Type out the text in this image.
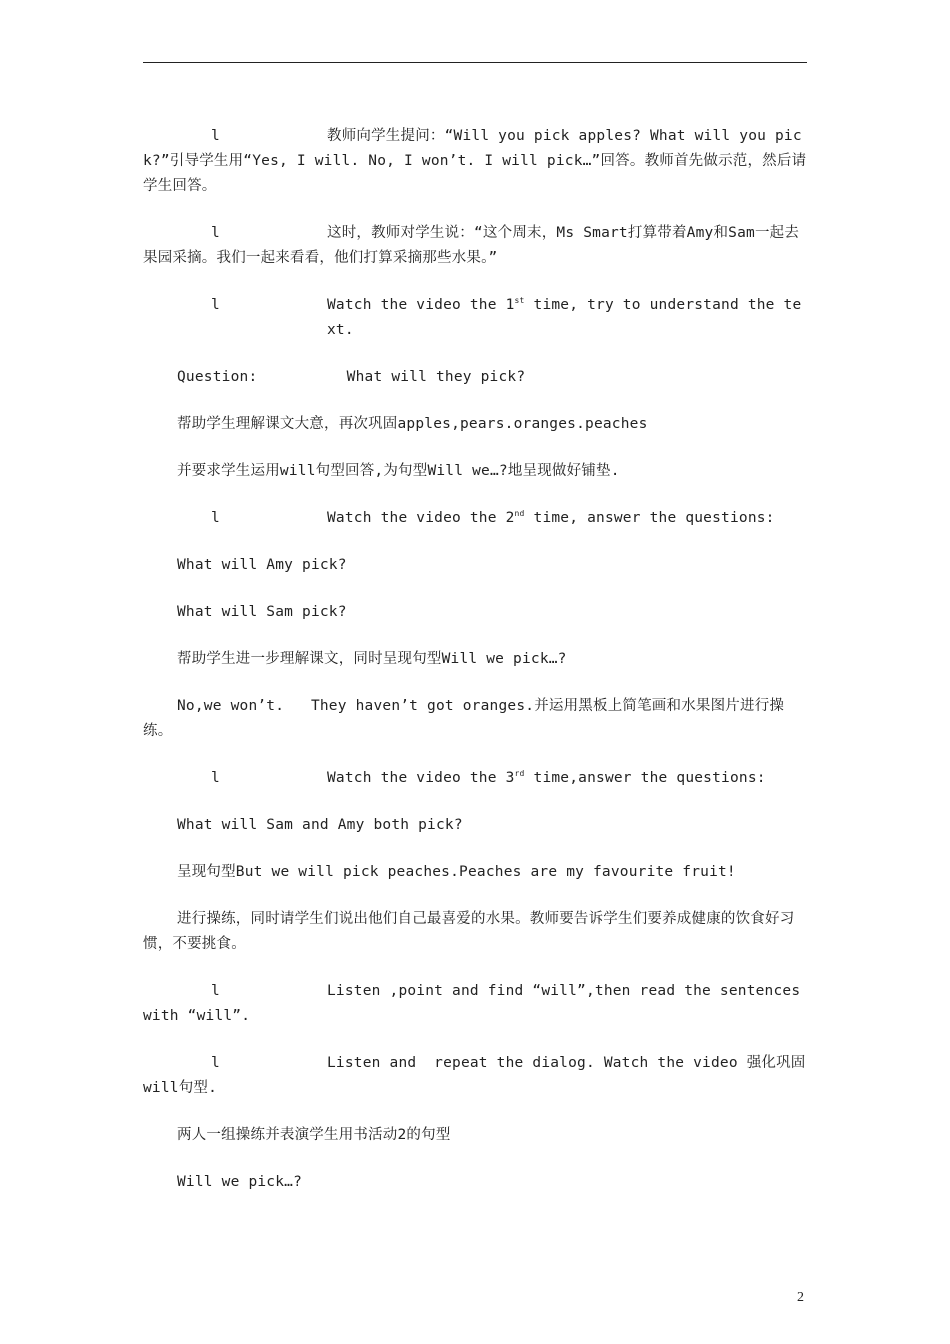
l	教师向学生提问：“Will you pick apples? What will you pick?”引导学生用“Yes, I will. No, I won’t. I will pick…”回答。教师首先做示范，然后请学生回答。

l	这时，教师对学生说：“这个周末，Ms Smart打算带着Amy和Sam一起去果园采摘。我们一起来看看，他们打算采摘那些水果。”

l	Watch the video the 1st time, try to understand the text.

Question:          What will they pick?

帮助学生理解课文大意，再次巩固apples,pears.oranges.peaches

并要求学生运用will句型回答,为句型Will we…?地呈现做好铺垫.

l	Watch the video the 2nd time, answer the questions:

What will Amy pick?

What will Sam pick?

帮助学生进一步理解课文，同时呈现句型Will we pick…?

No,we won’t.   They haven’t got oranges.并运用黑板上简笔画和水果图片进行操练。

l	Watch the video the 3rd time,answer the questions:

What will Sam and Amy both pick?

呈现句型But we will pick peaches.Peaches are my favourite fruit!

进行操练，同时请学生们说出他们自己最喜爱的水果。教师要告诉学生们要养成健康的饮食好习惯，不要挑食。

l	Listen ,point and find “will”,then read the sentences with “will”.

l	Listen and  repeat the dialog. Watch the video 强化巩固will句型.

两人一组操练并表演学生用书活动2的句型

Will we pick…?

2
